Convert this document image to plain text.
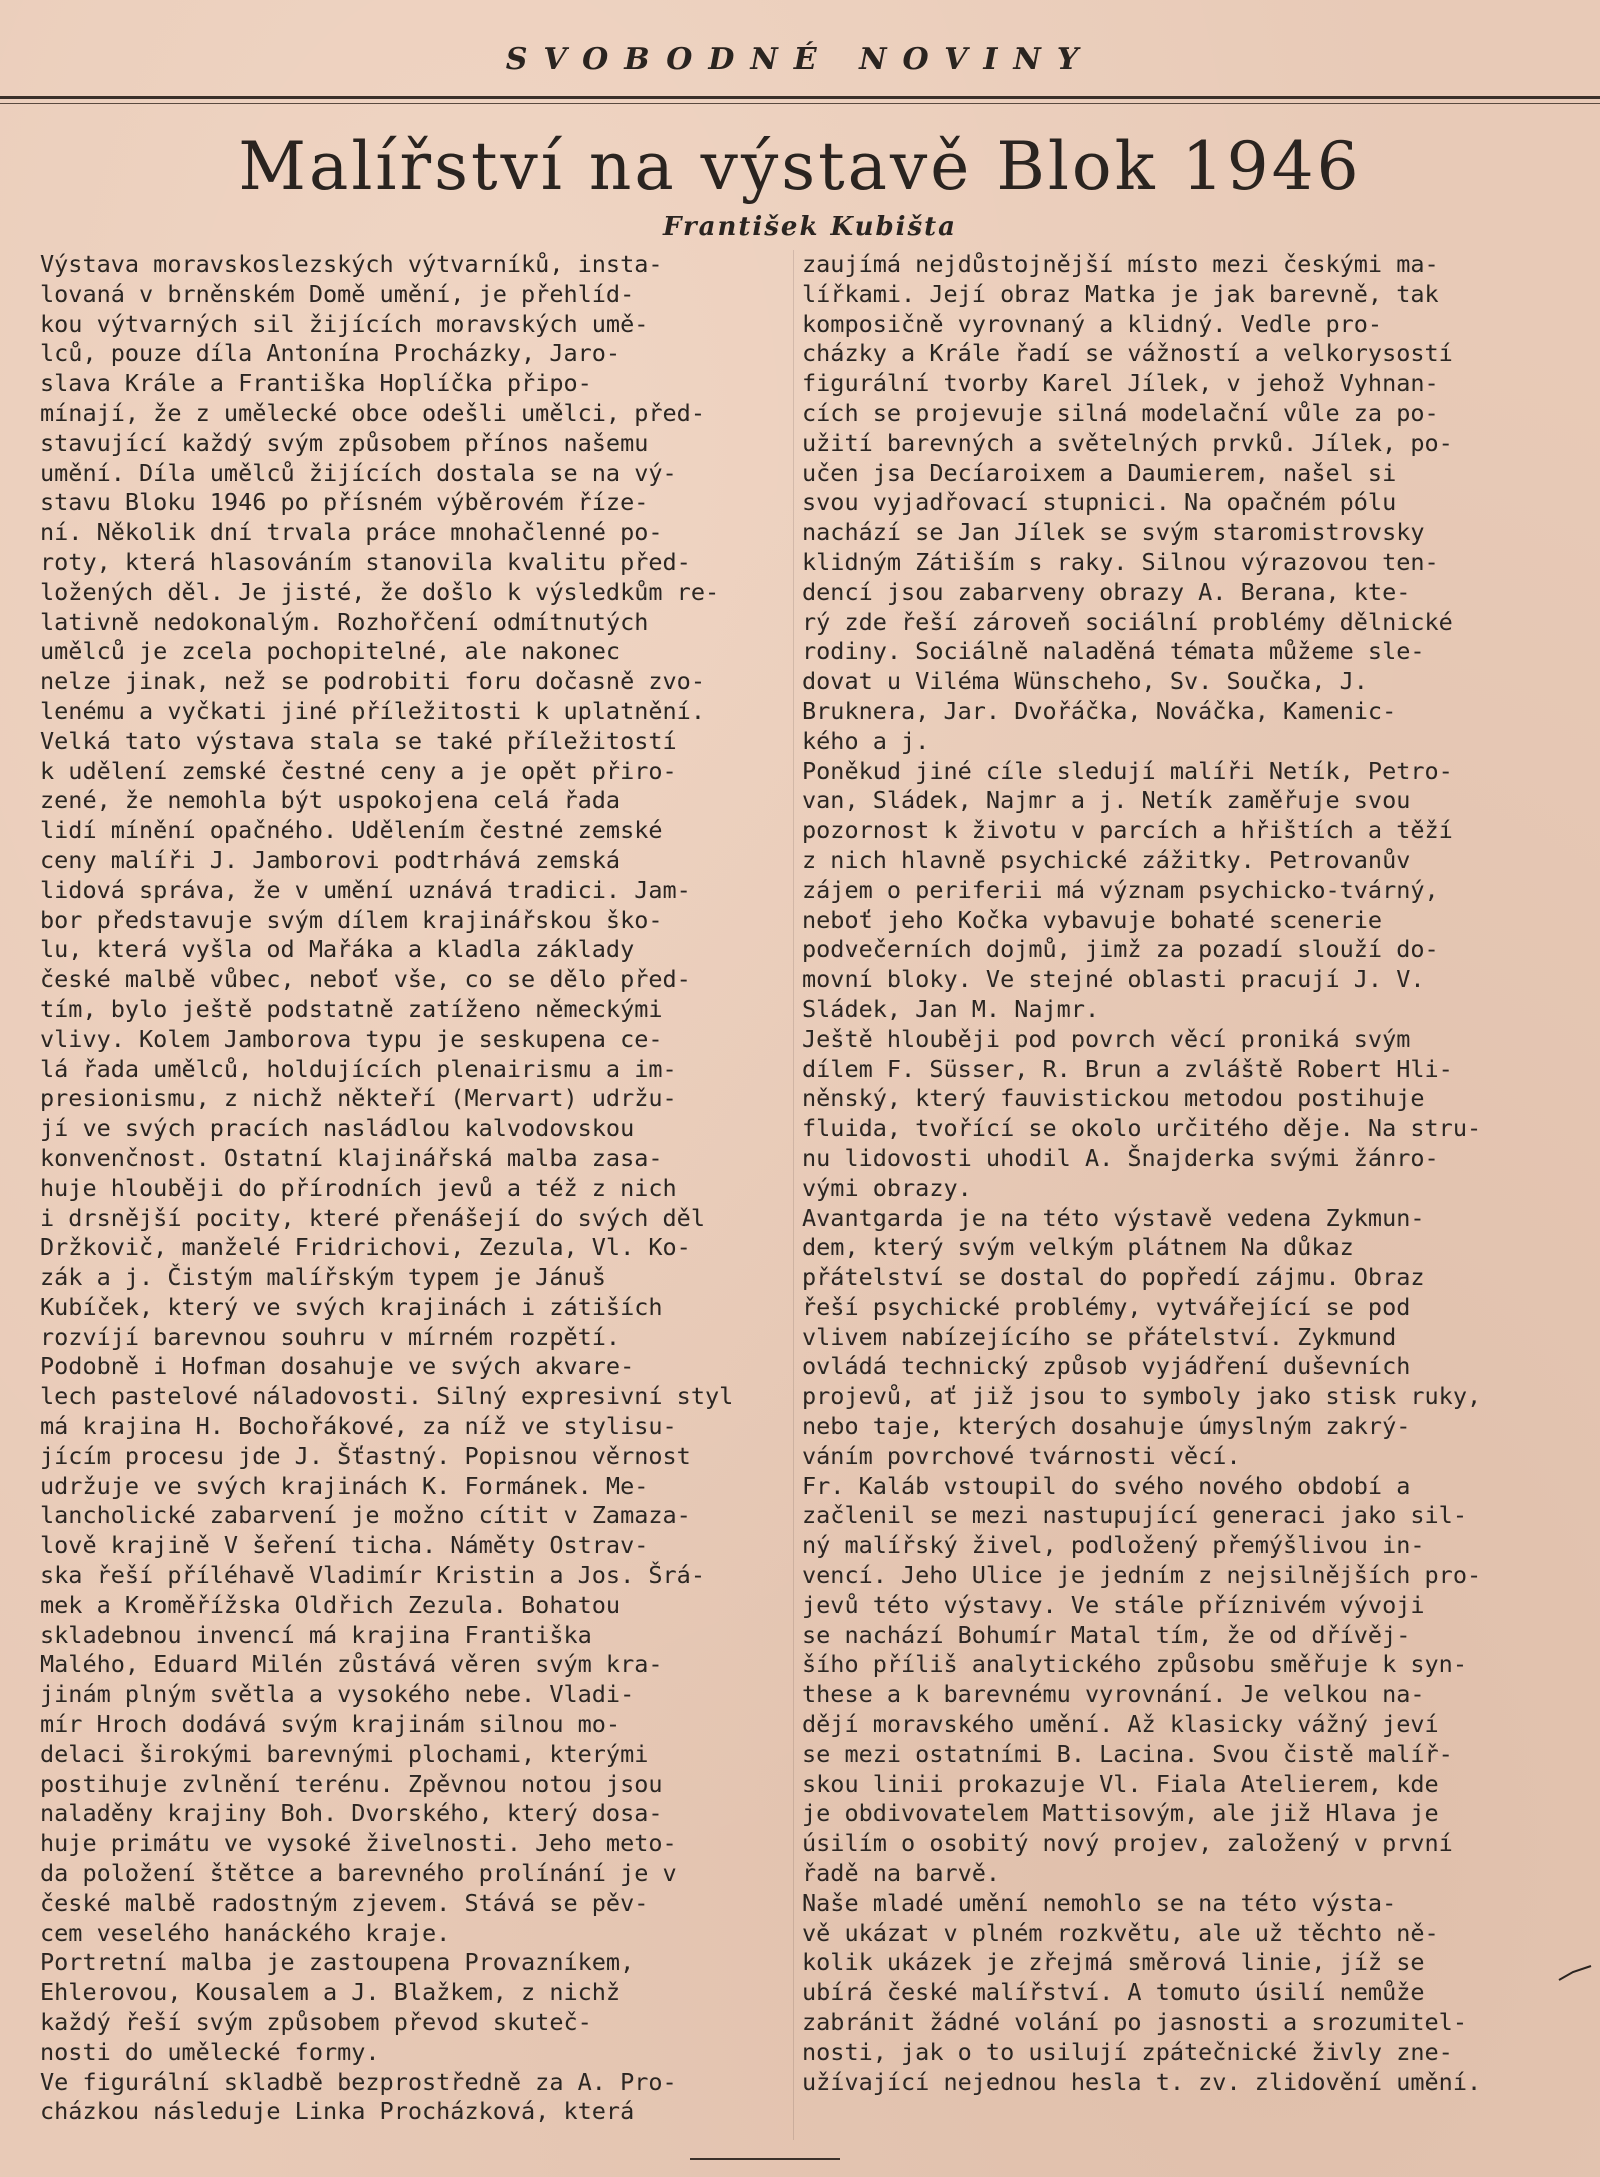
SVOBODNÉ NOVINY
Malířství na výstavě Blok 1946
František Kubišta
Výstava moravskoslezských výtvarníků, insta-
lovaná v brněnském Domě umění, je přehlíd-
kou výtvarných sil žijících moravských umě-
lců, pouze díla Antonína Procházky, Jaro-
slava Krále a Františka Hoplíčka připo-
mínají, že z umělecké obce odešli umělci, před-
stavující každý svým způsobem přínos našemu
umění. Díla umělců žijících dostala se na vý-
stavu Bloku 1946 po přísném výběrovém říze-
ní. Několik dní trvala práce mnohačlenné po-
roty, která hlasováním stanovila kvalitu před-
ložených děl. Je jisté, že došlo k výsledkům re-
lativně nedokonalým. Rozhořčení odmítnutých
umělců je zcela pochopitelné, ale nakonec
nelze jinak, než se podrobiti foru dočasně zvo-
lenému a vyčkati jiné příležitosti k uplatnění.
Velká tato výstava stala se také příležitostí
k udělení zemské čestné ceny a je opět přiro-
zené, že nemohla být uspokojena celá řada
lidí mínění opačného. Udělením čestné zemské
ceny malíři J. Jamborovi podtrhává zemská
lidová správa, že v umění uznává tradici. Jam-
bor představuje svým dílem krajinářskou ško-
lu, která vyšla od Mařáka a kladla základy
české malbě vůbec, neboť vše, co se dělo před-
tím, bylo ještě podstatně zatíženo německými
vlivy. Kolem Jamborova typu je seskupena ce-
lá řada umělců, holdujících plenairismu a im-
presionismu, z nichž někteří (Mervart) udržu-
jí ve svých pracích nasládlou kalvodovskou
konvenčnost. Ostatní klajinářská malba zasa-
huje hlouběji do přírodních jevů a též z nich
i drsnější pocity, které přenášejí do svých děl
Držkovič, manželé Fridrichovi, Zezula, Vl. Ko-
zák a j. Čistým malířským typem je Jánuš
Kubíček, který ve svých krajinách i zátiších
rozvíjí barevnou souhru v mírném rozpětí.
Podobně i Hofman dosahuje ve svých akvare-
lech pastelové náladovosti. Silný expresivní styl
má krajina H. Bochořákové, za níž ve stylisu-
jícím procesu jde J. Šťastný. Popisnou věrnost
udržuje ve svých krajinách K. Formánek. Me-
lancholické zabarvení je možno cítit v Zamaza-
lově krajině V šeření ticha. Náměty Ostrav-
ska řeší příléhavě Vladimír Kristin a Jos. Šrá-
mek a Kroměřížska Oldřich Zezula. Bohatou
skladebnou invencí má krajina Františka
Malého, Eduard Milén zůstává věren svým kra-
jinám plným světla a vysokého nebe. Vladi-
mír Hroch dodává svým krajinám silnou mo-
delaci širokými barevnými plochami, kterými
postihuje zvlnění terénu. Zpěvnou notou jsou
naladěny krajiny Boh. Dvorského, který dosa-
huje primátu ve vysoké živelnosti. Jeho meto-
da položení štětce a barevného prolínání je v
české malbě radostným zjevem. Stává se pěv-
cem veselého hanáckého kraje.
Portretní malba je zastoupena Provazníkem,
Ehlerovou, Kousalem a J. Blažkem, z nichž
každý řeší svým způsobem převod skuteč-
nosti do umělecké formy.
Ve figurální skladbě bezprostředně za A. Pro-
cházkou následuje Linka Procházková, která
zaujímá nejdůstojnější místo mezi českými ma-
lířkami. Její obraz Matka je jak barevně, tak
komposičně vyrovnaný a klidný. Vedle pro-
cházky a Krále řadí se vážností a velkorysostí
figurální tvorby Karel Jílek, v jehož Vyhnan-
cích se projevuje silná modelační vůle za po-
užití barevných a světelných prvků. Jílek, po-
učen jsa Decíaroixem a Daumierem, našel si
svou vyjadřovací stupnici. Na opačném pólu
nachází se Jan Jílek se svým staromistrovsky
klidným Zátiším s raky. Silnou výrazovou ten-
dencí jsou zabarveny obrazy A. Berana, kte-
rý zde řeší zároveň sociální problémy dělnické
rodiny. Sociálně naladěná témata můžeme sle-
dovat u Viléma Wünscheho, Sv. Součka, J.
Bruknera, Jar. Dvořáčka, Nováčka, Kamenic-
kého a j.
Poněkud jiné cíle sledují malíři Netík, Petro-
van, Sládek, Najmr a j. Netík zaměřuje svou
pozornost k životu v parcích a hřištích a těží
z nich hlavně psychické zážitky. Petrovanův
zájem o periferii má význam psychicko-tvárný,
neboť jeho Kočka vybavuje bohaté scenerie
podvečerních dojmů, jimž za pozadí slouží do-
movní bloky. Ve stejné oblasti pracují J. V.
Sládek, Jan M. Najmr.
Ještě hlouběji pod povrch věcí proniká svým
dílem F. Süsser, R. Brun a zvláště Robert Hli-
něnský, který fauvistickou metodou postihuje
fluida, tvořící se okolo určitého děje. Na stru-
nu lidovosti uhodil A. Šnajderka svými žánro-
vými obrazy.
Avantgarda je na této výstavě vedena Zykmun-
dem, který svým velkým plátnem Na důkaz
přátelství se dostal do popředí zájmu. Obraz
řeší psychické problémy, vytvářející se pod
vlivem nabízejícího se přátelství. Zykmund
ovládá technický způsob vyjádření duševních
projevů, ať již jsou to symboly jako stisk ruky,
nebo taje, kterých dosahuje úmyslným zakrý-
váním povrchové tvárnosti věcí.
Fr. Kaláb vstoupil do svého nového období a
začlenil se mezi nastupující generaci jako sil-
ný malířský živel, podložený přemýšlivou in-
vencí. Jeho Ulice je jedním z nejsilnějších pro-
jevů této výstavy. Ve stále příznivém vývoji
se nachází Bohumír Matal tím, že od dřívěj-
šího příliš analytického způsobu směřuje k syn-
these a k barevnému vyrovnání. Je velkou na-
dějí moravského umění. Až klasicky vážný jeví
se mezi ostatními B. Lacina. Svou čistě malíř-
skou linii prokazuje Vl. Fiala Atelierem, kde
je obdivovatelem Mattisovým, ale již Hlava je
úsilím o osobitý nový projev, založený v první
řadě na barvě.
Naše mladé umění nemohlo se na této výsta-
vě ukázat v plném rozkvětu, ale už těchto ně-
kolik ukázek je zřejmá směrová linie, jíž se
ubírá české malířství. A tomuto úsilí nemůže
zabránit žádné volání po jasnosti a srozumitel-
nosti, jak o to usilují zpátečnické živly zne-
užívající nejednou hesla t. zv. zlidovění umění.
